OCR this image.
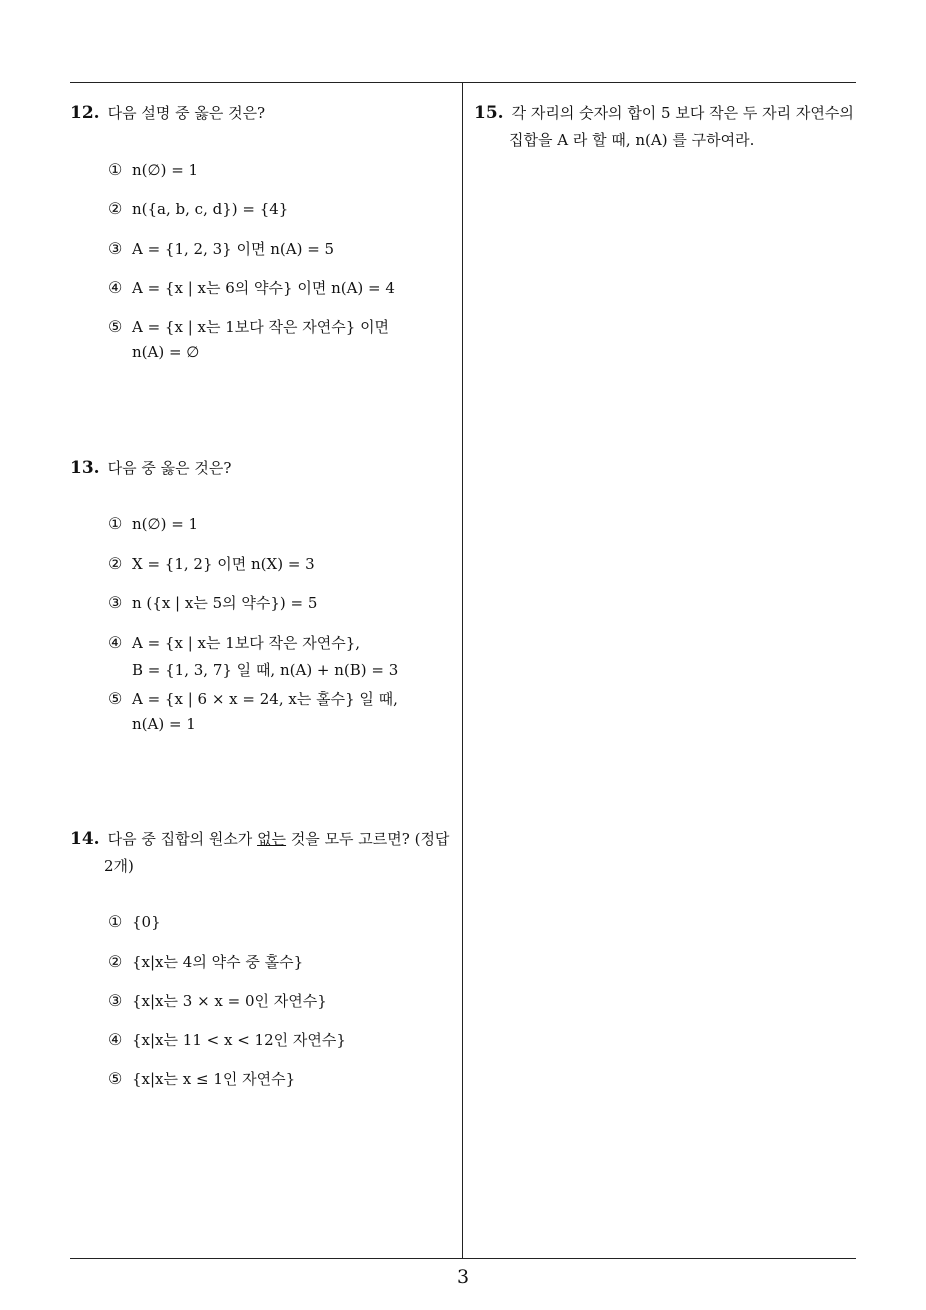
12. 다음 설명 중 옳은 것은?
① n(∅) = 1
② n({a, b, c, d}) = {4}
③ A = {1, 2, 3} 이면 n(A) = 5
④ A = {x | x는 6의 약수} 이면 n(A) = 4
⑤ A = {x | x는 1보다 작은 자연수} 이면
n(A) = ∅
13. 다음 중 옳은 것은?
① n(∅) = 1
② X = {1, 2} 이면 n(X) = 3
③ n ({x | x는 5의 약수}) = 5
④ A = {x | x는 1보다 작은 자연수},
B = {1, 3, 7} 일 때, n(A) + n(B) = 3
⑤ A = {x | 6 × x = 24, x는 홀수} 일 때,
n(A) = 1
14. 다음 중 집합의 원소가 없는 것을 모두 고르면? (정답
2개)
① {0}
② {x|x는 4의 약수 중 홀수}
③ {x|x는 3 × x = 0인 자연수}
④ {x|x는 11 < x < 12인 자연수}
⑤ {x|x는 x ≤ 1인 자연수}
15. 각 자리의 숫자의 합이 5 보다 작은 두 자리 자연수의
집합을 A 라 할 때, n(A) 를 구하여라.
3
